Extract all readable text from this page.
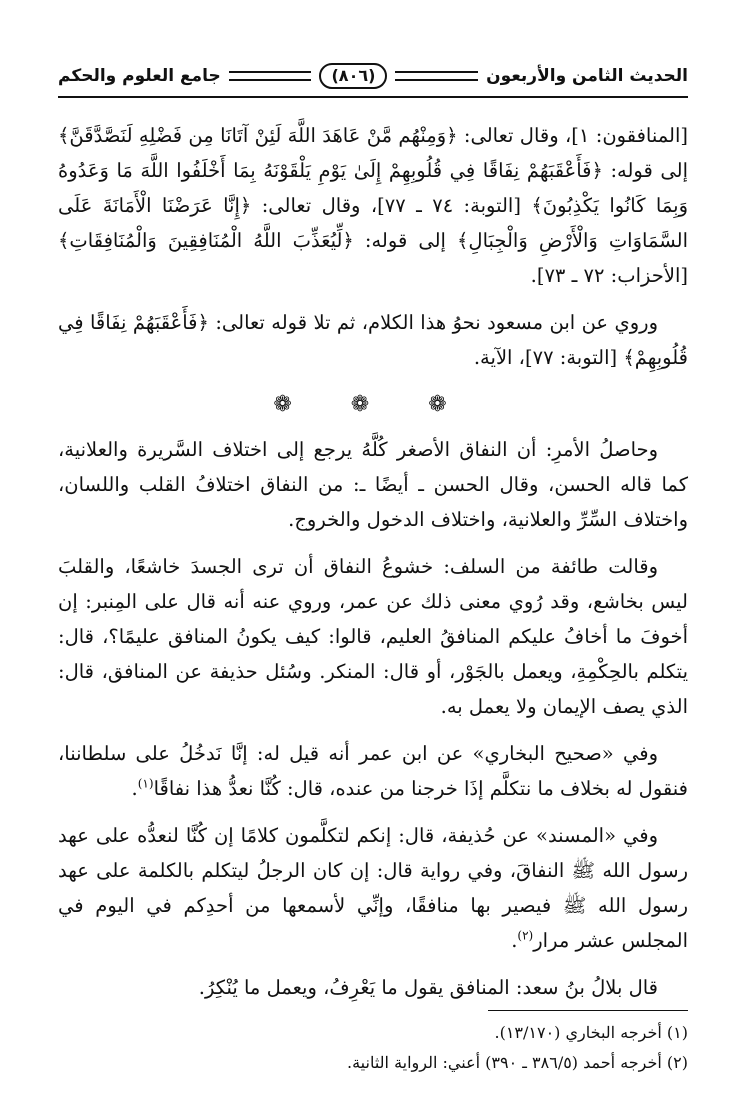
الحديث الثامن والأربعون
(٨٠٦)
جامع العلوم والحكم

[المنافقون: ١]، وقال تعالى: ﴿وَمِنْهُم مَّنْ عَاهَدَ اللَّهَ لَئِنْ آتَانَا مِن فَضْلِهِ لَنَصَّدَّقَنَّ﴾ إلى قوله: ﴿فَأَعْقَبَهُمْ نِفَاقًا فِي قُلُوبِهِمْ إِلَىٰ يَوْمِ يَلْقَوْنَهُ بِمَا أَخْلَفُوا اللَّهَ مَا وَعَدُوهُ وَبِمَا كَانُوا يَكْذِبُونَ﴾ [التوبة: ٧٤ ـ ٧٧]، وقال تعالى: ﴿إِنَّا عَرَضْنَا الْأَمَانَةَ عَلَى السَّمَاوَاتِ وَالْأَرْضِ وَالْجِبَالِ﴾ إلى قوله: ﴿لِّيُعَذِّبَ اللَّهُ الْمُنَافِقِينَ وَالْمُنَافِقَاتِ﴾ [الأحزاب: ٧٢ ـ ٧٣].

وروي عن ابن مسعود نحوُ هذا الكلام، ثم تلا قوله تعالى: ﴿فَأَعْقَبَهُمْ نِفَاقًا فِي قُلُوبِهِمْ﴾ [التوبة: ٧٧]، الآية.

❁ ❁ ❁

وحاصلُ الأمرِ: أن النفاق الأصغر كُلَّهُ يرجع إلى اختلاف السَّريرة والعلانية، كما قاله الحسن، وقال الحسن ـ أيضًا ـ: من النفاق اختلافُ القلب واللسان، واختلاف السِّرِّ والعلانية، واختلاف الدخول والخروج.

وقالت طائفة من السلف: خشوعُ النفاق أن ترى الجسدَ خاشعًا، والقلبَ ليس بخاشع، وقد رُوي معنى ذلك عن عمر، وروي عنه أنه قال على المِنبر: إن أخوفَ ما أخافُ عليكم المنافقُ العليم، قالوا: كيف يكونُ المنافق عليمًا؟، قال: يتكلم بالحِكْمِةِ، ويعمل بالجَوْر، أو قال: المنكر. وسُئل حذيفة عن المنافق، قال: الذي يصف الإيمان ولا يعمل به.

وفي «صحيح البخاري» عن ابن عمر أنه قيل له: إنَّا نَدخُلُ على سلطاننا، فنقول له بخلاف ما نتكلَّم إذَا خرجنا من عنده، قال: كُنَّا نعدُّ هذا نفاقًا$^{(١)}$.

وفي «المسند» عن حُذيفة، قال: إنكم لتكلَّمون كلامًا إن كُنَّا لنعدُّه على عهد رسول الله ﷺ النفاقَ، وفي رواية قال: إن كان الرجلُ ليتكلم بالكلمة على عهد رسول الله ﷺ فيصير بها منافقًا، وإنِّي لأسمعها من أحدِكم في اليوم في المجلس عشر مرار$^{(٢)}$.

قال بلالُ بنُ سعد: المنافق يقول ما يَعْرِفُ، ويعمل ما يُنْكِرُ.

(١) أخرجه البخاري (١٣/١٧٠).
(٢) أخرجه أحمد (٣٨٦/٥ ـ ٣٩٠) أعني: الرواية الثانية.
